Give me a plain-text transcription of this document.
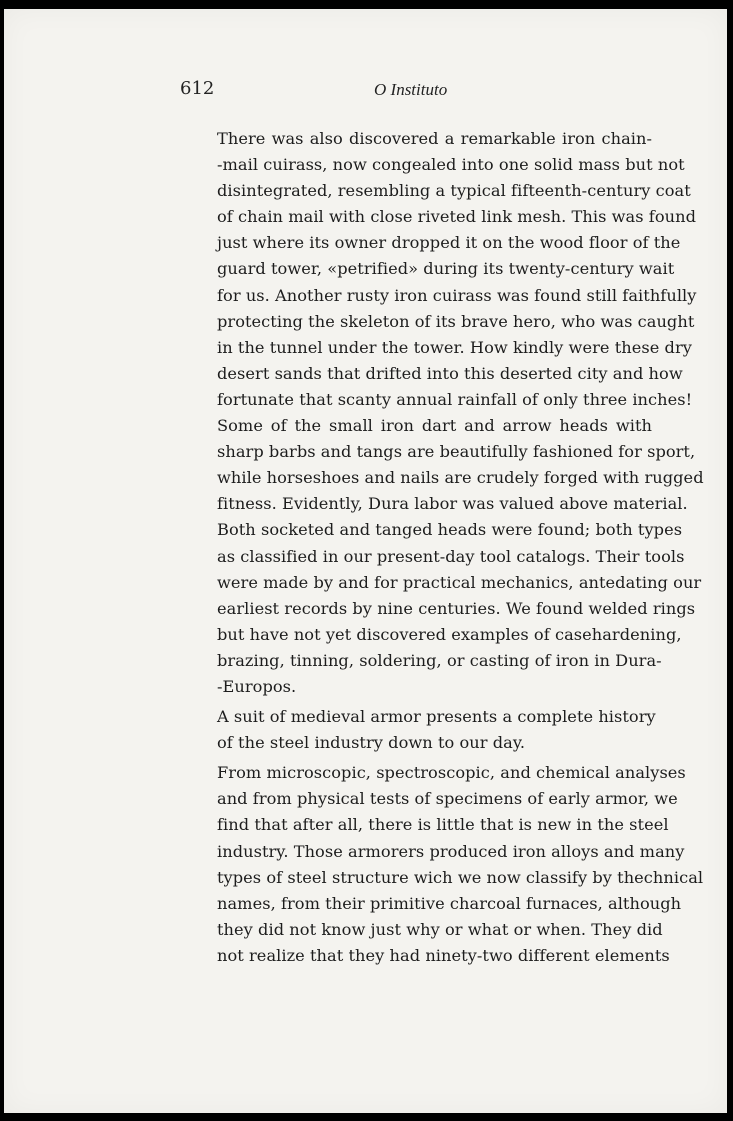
612	O Instituto

There was also discovered a remarkable iron chain-
-mail cuirass, now congealed into one solid mass but not
disintegrated, resembling a typical fifteenth-century coat
of chain mail with close riveted link mesh. This was found
just where its owner dropped it on the wood floor of the
guard tower, «petrified» during its twenty-century wait
for us. Another rusty iron cuirass was found still faithfully
protecting the skeleton of its brave hero, who was caught
in the tunnel under the tower. How kindly were these dry
desert sands that drifted into this deserted city and how
fortunate that scanty annual rainfall of only three inches!

Some of the small iron dart and arrow heads with
sharp barbs and tangs are beautifully fashioned for sport,
while horseshoes and nails are crudely forged with rugged
fitness. Evidently, Dura labor was valued above material.
Both socketed and tanged heads were found; both types
as classified in our present-day tool catalogs. Their tools
were made by and for practical mechanics, antedating our
earliest records by nine centuries. We found welded rings
but have not yet discovered examples of casehardening,
brazing, tinning, soldering, or casting of iron in Dura-
-Europos.

A suit of medieval armor presents a complete history
of the steel industry down to our day.

From microscopic, spectroscopic, and chemical analyses
and from physical tests of specimens of early armor, we
find that after all, there is little that is new in the steel
industry. Those armorers produced iron alloys and many
types of steel structure wich we now classify by thechnical
names, from their primitive charcoal furnaces, although
they did not know just why or what or when. They did
not realize that they had ninety-two different elements
